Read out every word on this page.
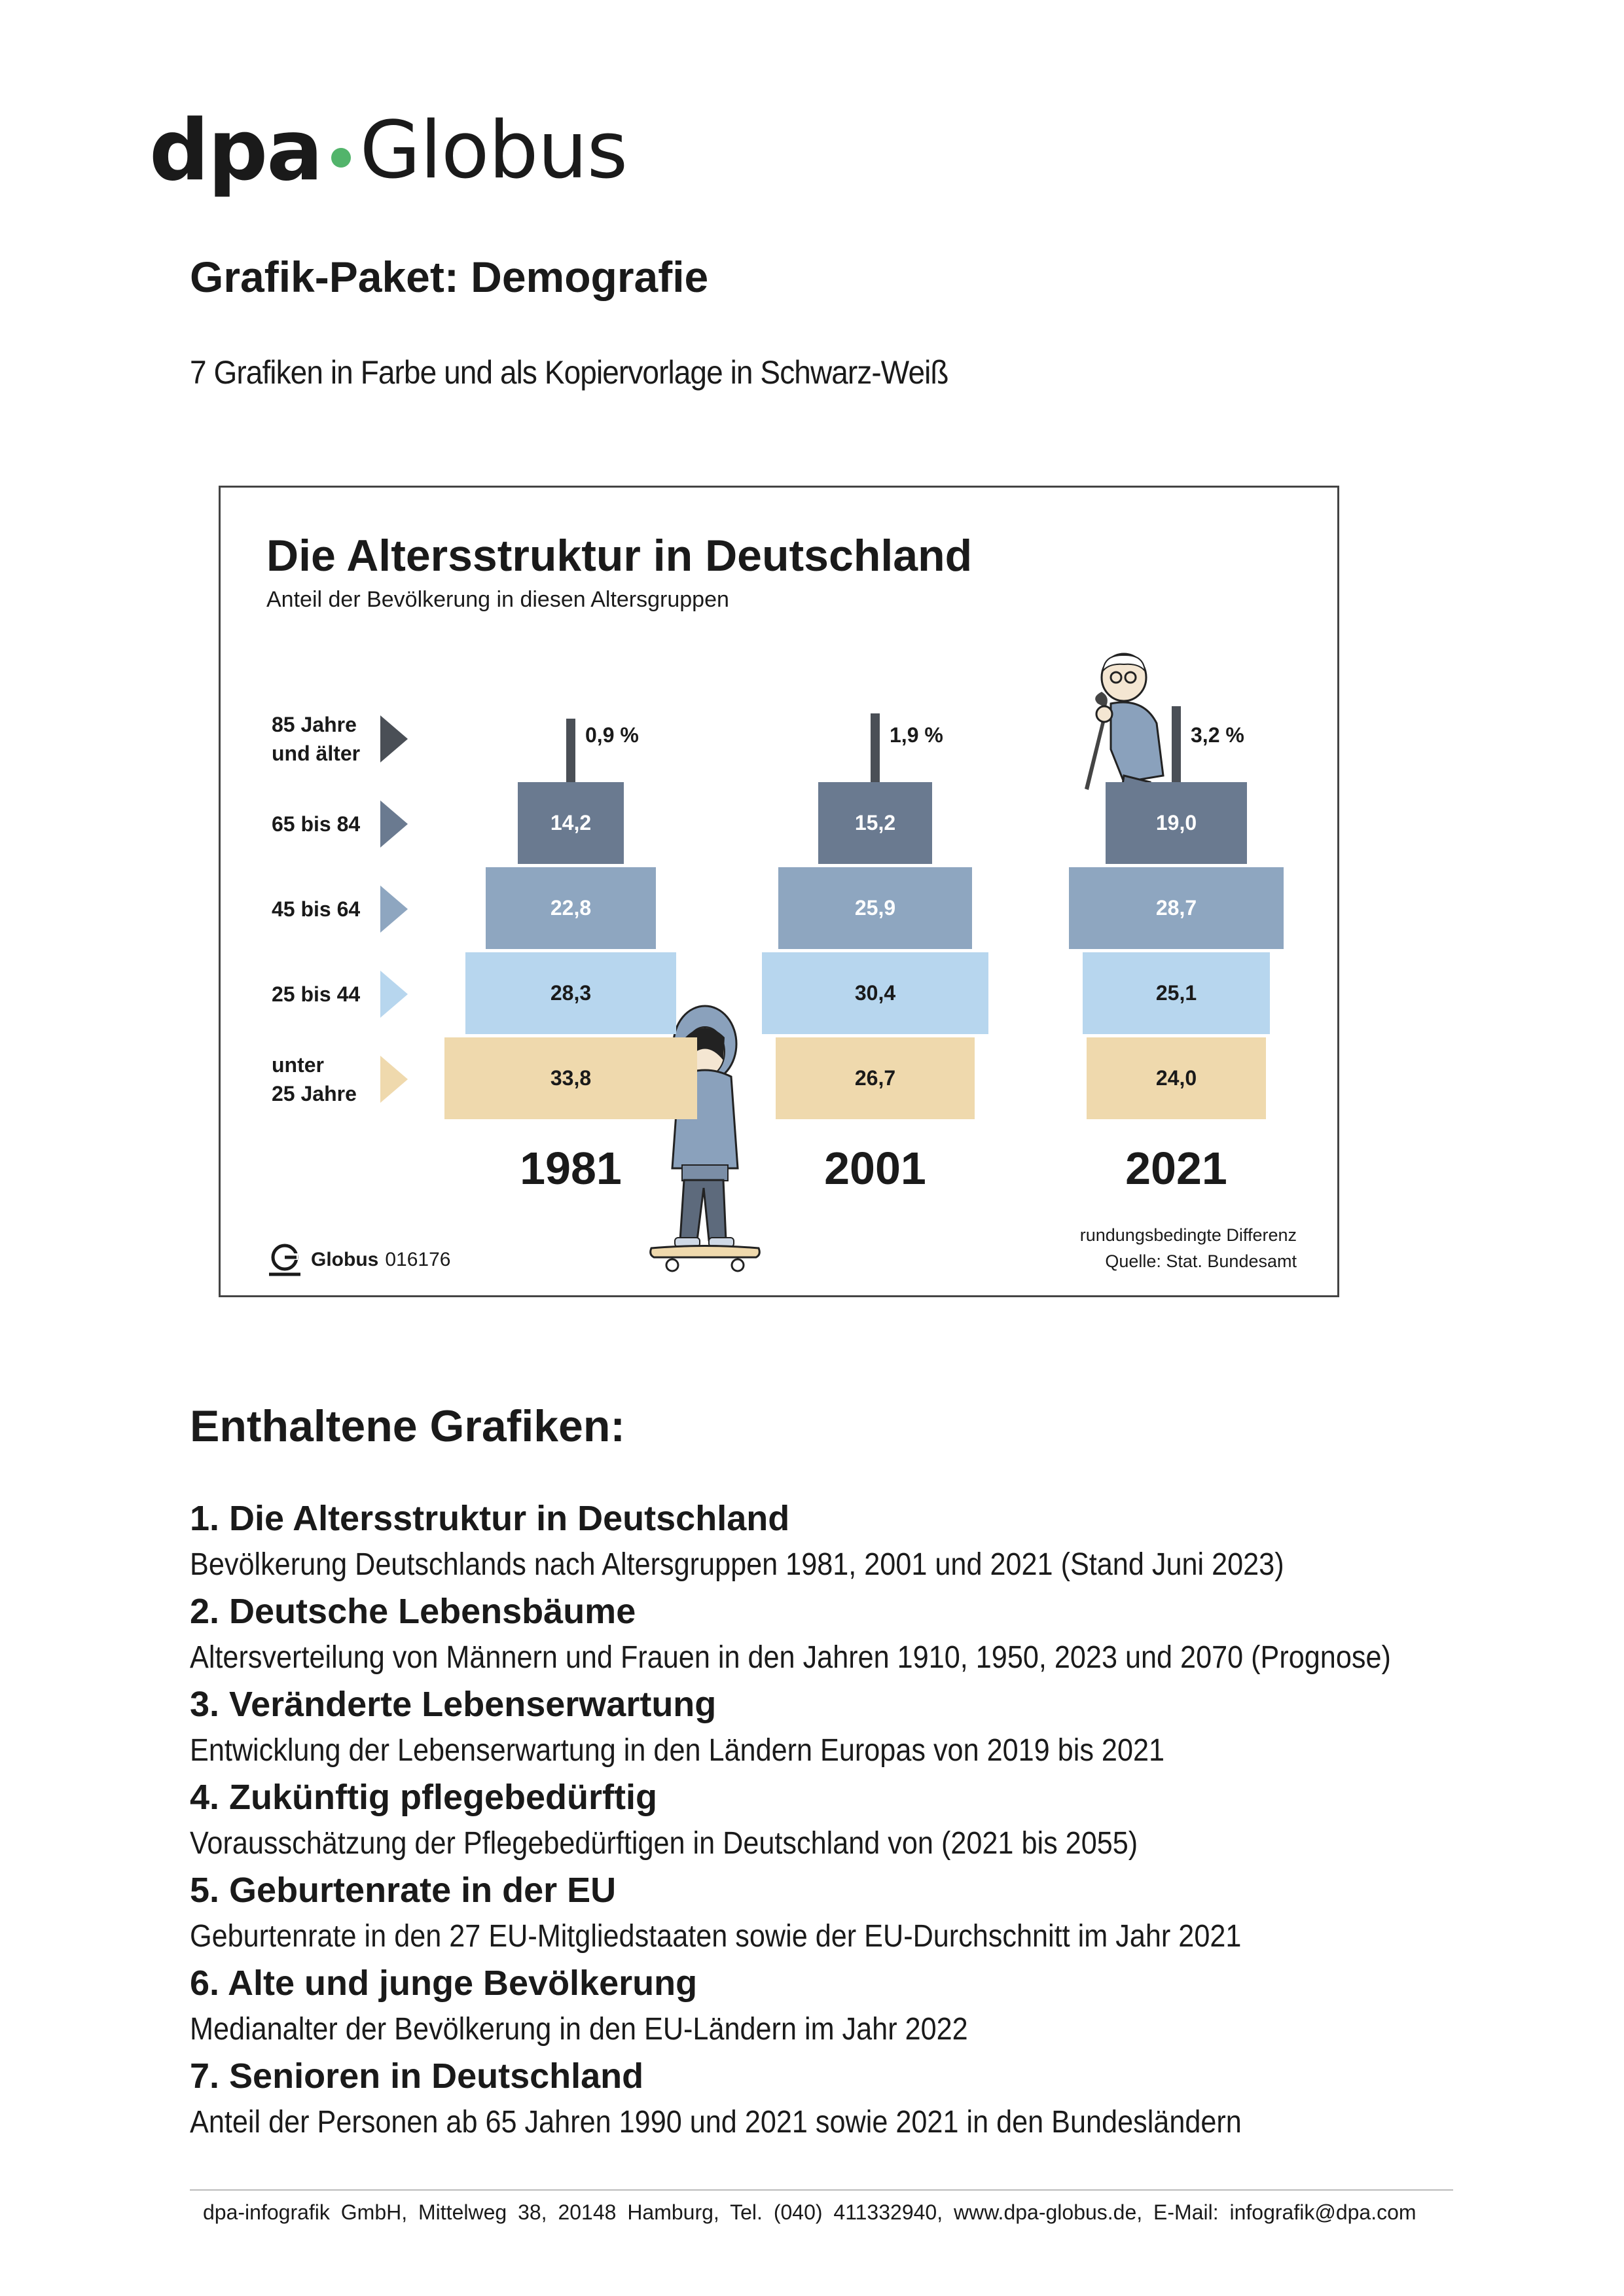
dpa Globus
Grafik-Paket: Demografie
7 Grafiken in Farbe und als Kopiervorlage in Schwarz-Weiß
Die Altersstruktur in Deutschland
Anteil der Bevölkerung in diesen Altersgruppen
Globus 016176
rundungsbedingte Differenz
Quelle: Stat. Bundesamt
85 Jahre
und älter
65 bis 84
45 bis 64
25 bis 44
unter
25 Jahre
0,9 %
14,2
22,8
28,3
33,8
1981
1,9 %
15,2
25,9
30,4
26,7
2001
3,2 %
19,0
28,7
25,1
24,0
2021
Enthaltene Grafiken:
1. Die Altersstruktur in Deutschland
Bevölkerung Deutschlands nach Altersgruppen 1981, 2001 und 2021 (Stand Juni 2023)
2. Deutsche Lebensbäume
Altersverteilung von Männern und Frauen in den Jahren 1910, 1950, 2023 und 2070 (Prognose)
3. Veränderte Lebenserwartung
Entwicklung der Lebenserwartung in den Ländern Europas von 2019 bis 2021
4. Zukünftig pflegebedürftig
Vorausschätzung der Pflegebedürftigen in Deutschland von (2021 bis 2055)
5. Geburtenrate in der EU
Geburtenrate in den 27 EU-Mitgliedstaaten sowie der EU-Durchschnitt im Jahr 2021
6. Alte und junge Bevölkerung
Medianalter der Bevölkerung in den EU-Ländern im Jahr 2022
7. Senioren in Deutschland
Anteil der Personen ab 65 Jahren 1990 und 2021 sowie 2021 in den Bundesländern
dpa-infografik GmbH, Mittelweg 38, 20148 Hamburg, Tel. (040) 411332940, www.dpa-globus.de, E-Mail: infografik@dpa.com
